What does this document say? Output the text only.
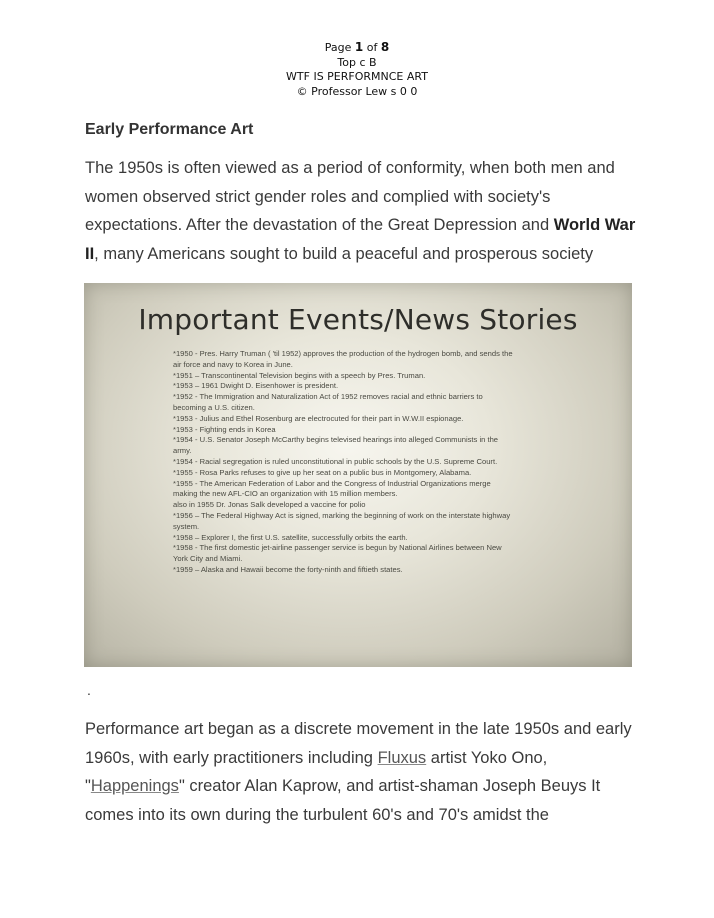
Page 1 of 8
Top c B
WTF IS PERFORMNCE ART
© Professor Lew s 0 0
Early Performance Art
The 1950s is often viewed as a period of conformity, when both men and women observed strict gender roles and complied with society's expectations. After the devastation of the Great Depression and World War II, many Americans sought to build a peaceful and prosperous society
Important Events/News Stories
*1950 - Pres. Harry Truman ( 'til 1952) approves the production of the hydrogen bomb, and sends the air force and navy to Korea in June.
*1951 – Transcontinental Television begins with a speech by Pres. Truman.
*1953 – 1961 Dwight D. Eisenhower is president.
*1952 - The Immigration and Naturalization Act of 1952 removes racial and ethnic barriers to becoming a U.S. citizen.
*1953 - Julius and Ethel Rosenburg are electrocuted for their part in W.W.II espionage.
*1953 - Fighting ends in Korea
*1954 - U.S. Senator Joseph McCarthy begins televised hearings into alleged Communists in the army.
*1954 - Racial segregation is ruled unconstitutional in public schools by the U.S. Supreme Court.
*1955 - Rosa Parks refuses to give up her seat on a public bus in Montgomery, Alabama.
*1955 - The American Federation of Labor and the Congress of Industrial Organizations merge making the new AFL-CIO an organization with 15 million members.
also in 1955 Dr. Jonas Salk developed a vaccine for polio
*1956 – The Federal Highway Act is signed, marking the beginning of work on the interstate highway system.
*1958 – Explorer I, the first U.S. satellite, successfully orbits the earth.
*1958 - The first domestic jet-airline passenger service is begun by National Airlines between New York City and Miami.
*1959 – Alaska and Hawaii become the forty-ninth and fiftieth states.
.
Performance art began as a discrete movement in the late 1950s and early 1960s, with early practitioners including Fluxus artist Yoko Ono, "Happenings" creator Alan Kaprow, and artist-shaman Joseph Beuys It comes into its own during the turbulent 60's and 70's amidst the
